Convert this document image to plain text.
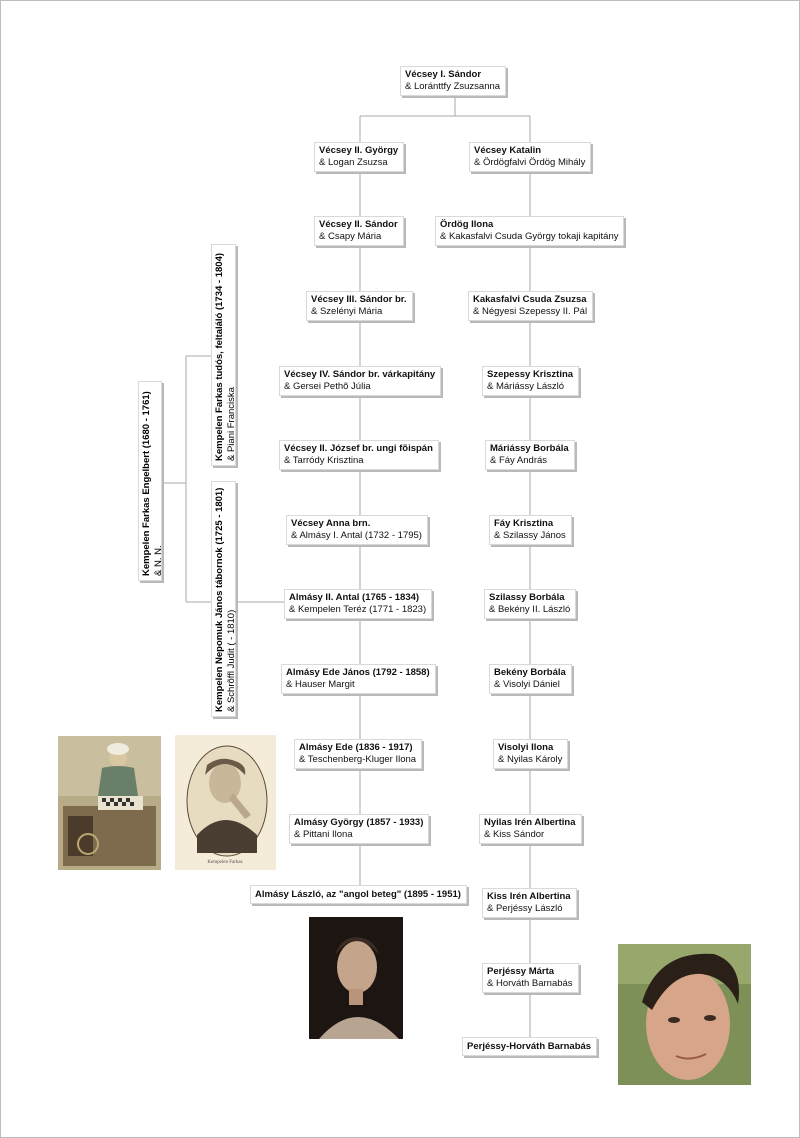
Vécsey I. Sándor
& Loránttfy Zsuzsanna
Vécsey II. György
& Logan Zsuzsa
Vécsey II. Sándor
& Csapy Mária
Vécsey III. Sándor br.
& Szelényi Mária
Vécsey IV. Sándor br. várkapitány
& Gersei Pethõ Júlia
Vécsey II. József br. ungi fõispán
& Tarródy Krisztina
Vécsey Anna brn.
& Almásy I. Antal (1732 - 1795)
Almásy II. Antal (1765 - 1834)
& Kempelen Teréz (1771 - 1823)
Almásy Ede János (1792 - 1858)
& Hauser Margit
Almásy Ede (1836 - 1917)
& Teschenberg-Kluger Ilona
Almásy György (1857 - 1933)
& Pittani Ilona
Almásy László, az "angol beteg" (1895 - 1951)
Vécsey Katalin
& Ördögfalvi Ördög Mihály
Ördög Ilona
& Kakasfalvi Csuda György tokaji kapitány
Kakasfalvi Csuda Zsuzsa
& Négyesi Szepessy II. Pál
Szepessy Krisztina
& Máriássy László
Máriássy Borbála
& Fáy András
Fáy Krisztina
& Szilassy János
Szilassy Borbála
& Bekény II. László
Bekény Borbála
& Visolyi Dániel
Visolyi Ilona
& Nyilas Károly
Nyilas Irén Albertina
& Kiss Sándor
Kiss Irén Albertina
& Perjéssy László
Perjéssy Márta
& Horváth Barnabás
Perjéssy-Horváth Barnabás
Kempelen Farkas Engelbert (1680 - 1761) & N. N.
Kempelen Farkas tudós, feltaláló (1734 - 1804) & Piani Franciska
Kempelen Nepomuk János tábornok (1725 - 1801) & Schrõffl Judit ( - 1810)
Kempelen Farkas
